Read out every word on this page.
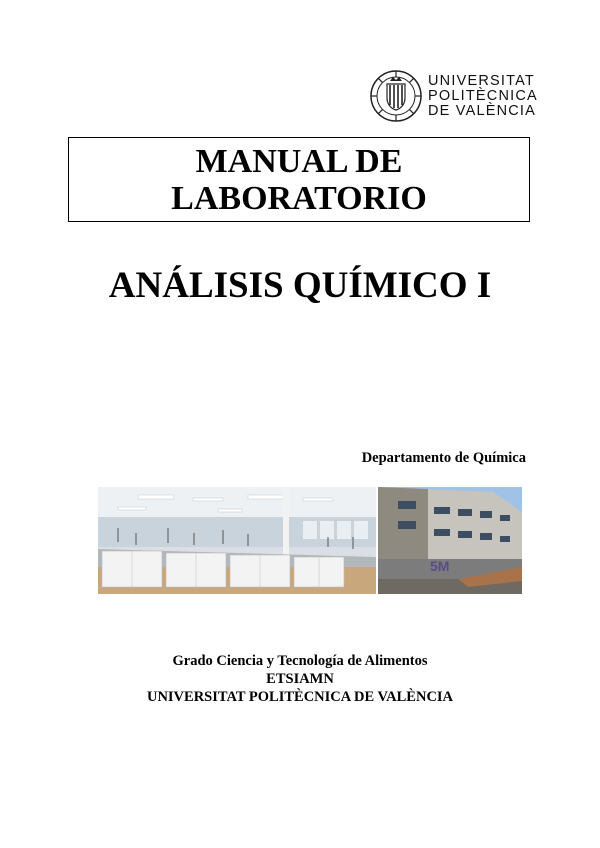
UNIVERSITAT
POLITÈCNICA
DE VALÈNCIA
MANUAL DE
LABORATORIO
ANÁLISIS QUÍMICO I
Departamento de Química
5M
Grado Ciencia y Tecnología de Alimentos
ETSIAMN
UNIVERSITAT POLITÈCNICA DE VALÈNCIA
